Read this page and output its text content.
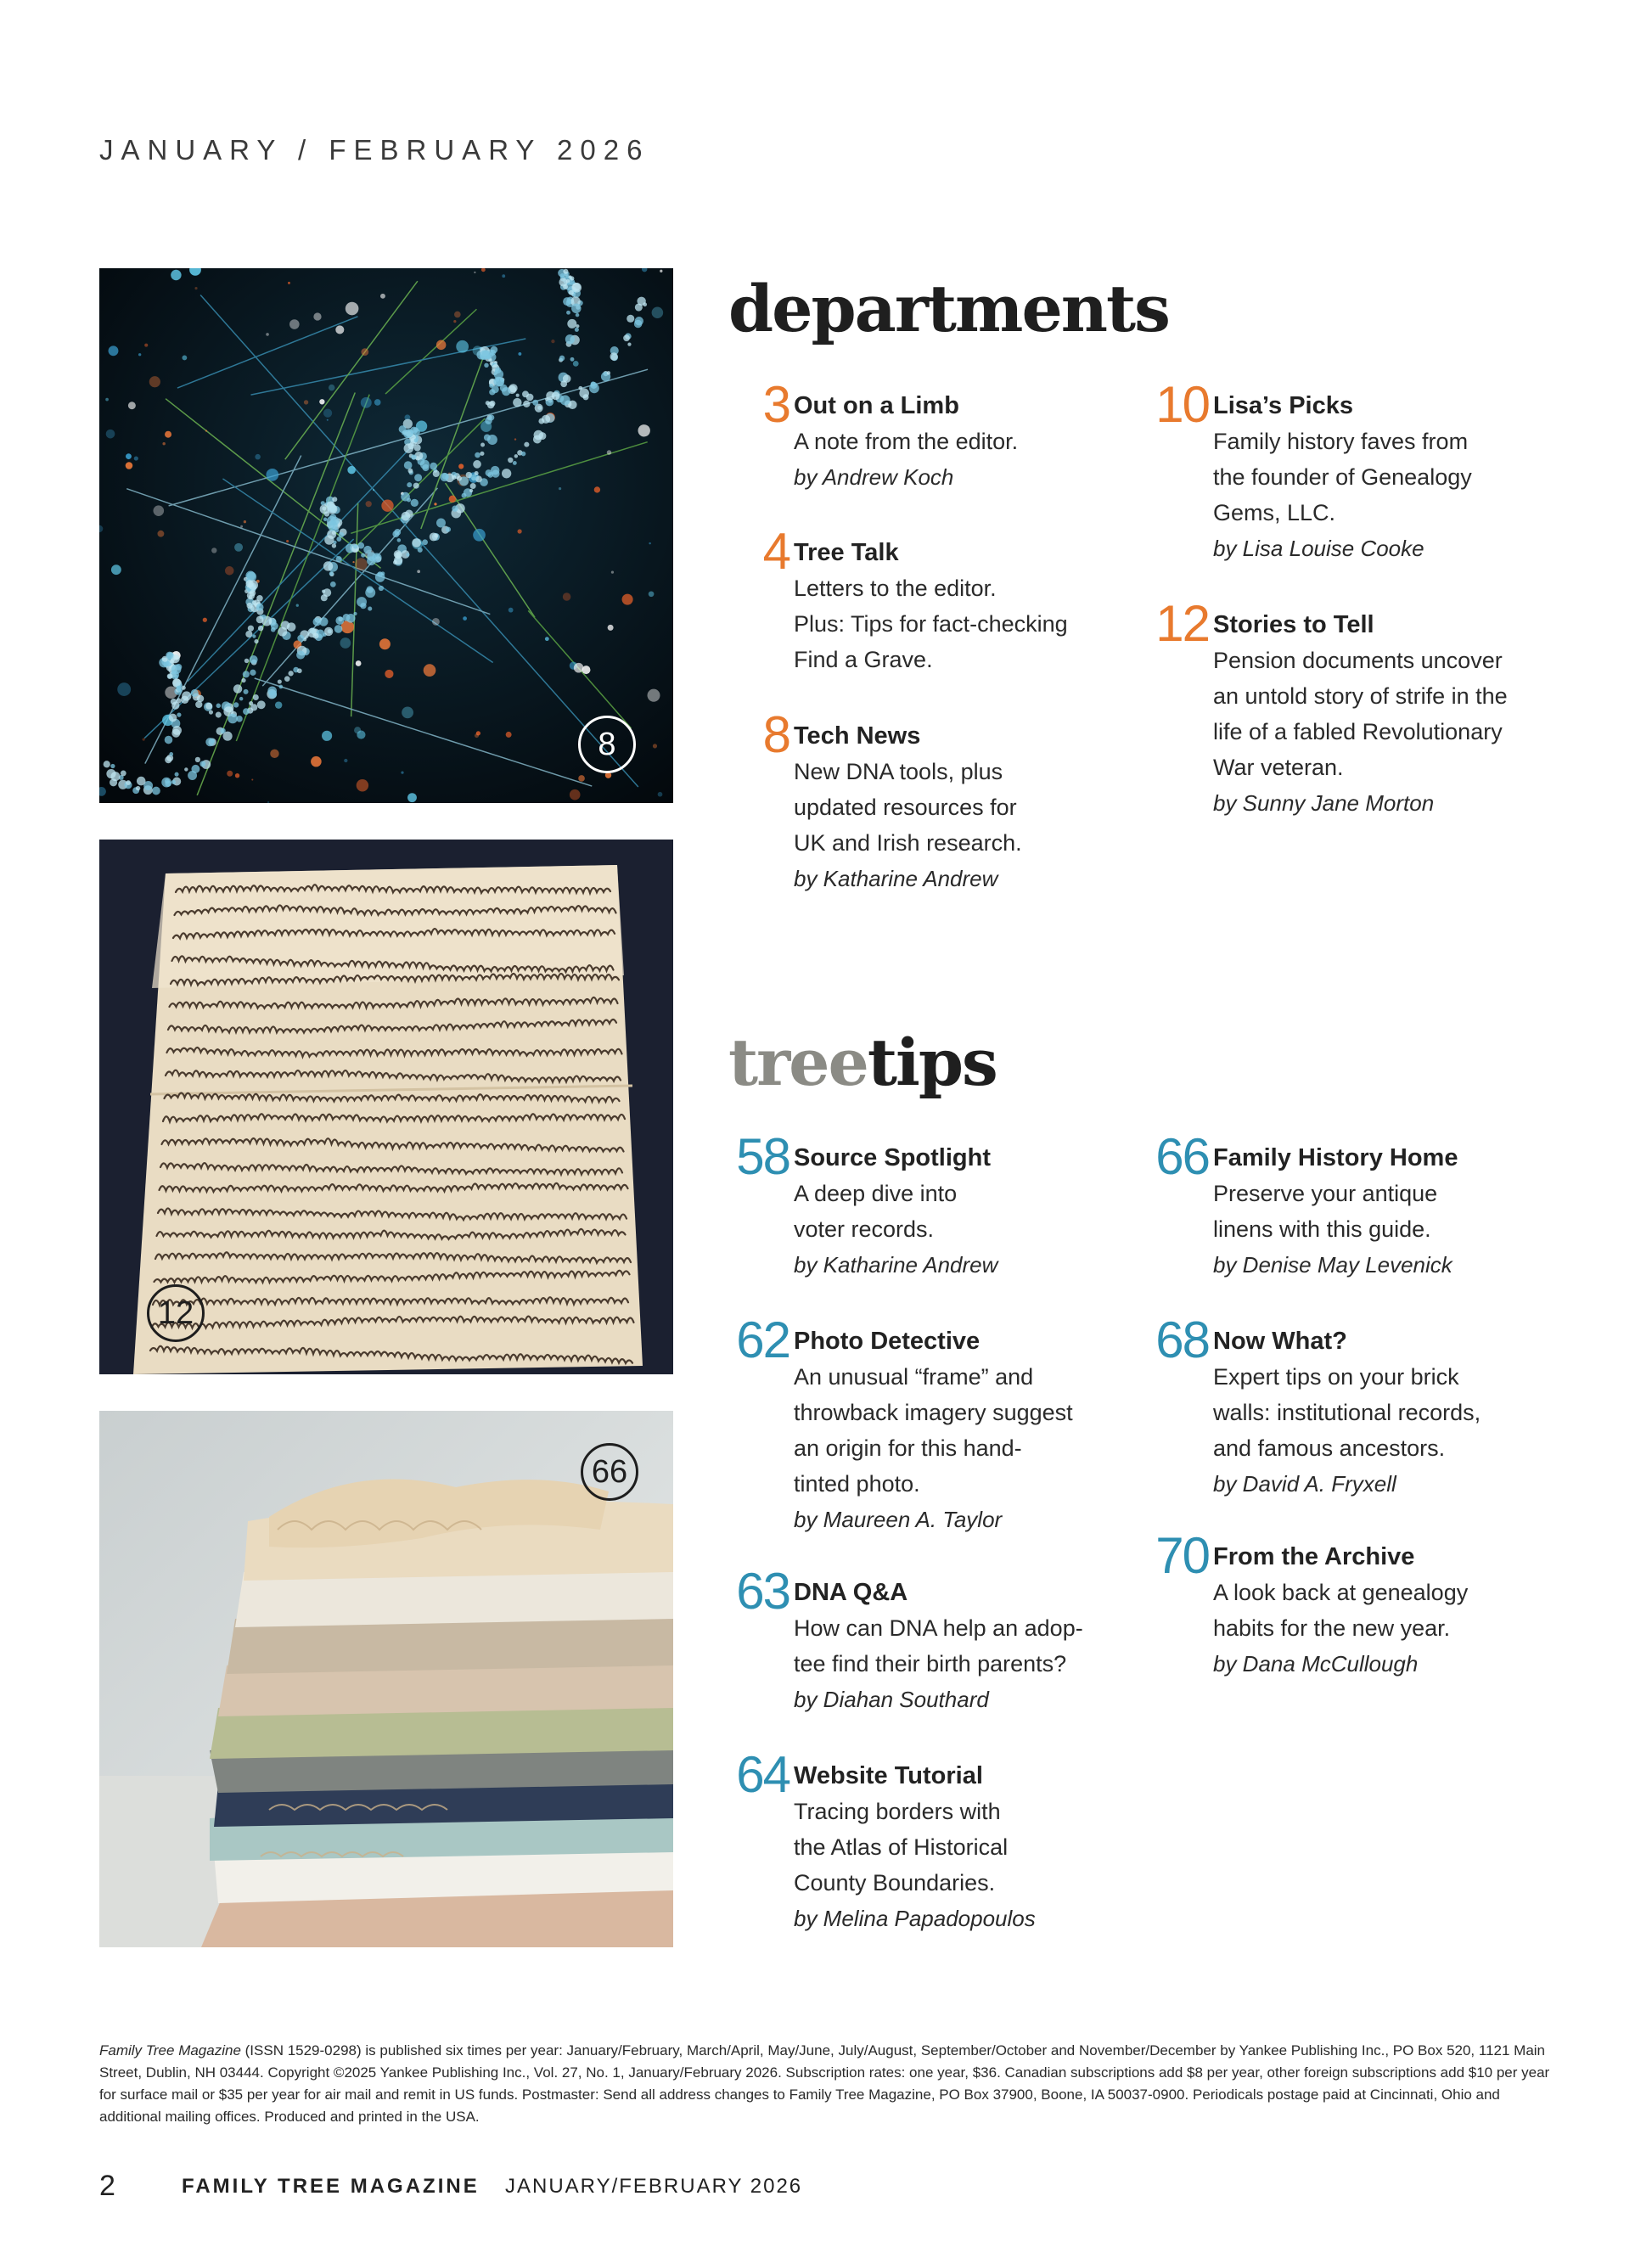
JANUARY / FEBRUARY 2026
8
12
66
departments
3 Out on a Limb
A note from the editor.
by Andrew Koch
4 Tree Talk
Letters to the editor.
Plus: Tips for fact-checking
Find a Grave.
8 Tech News
New DNA tools, plus
updated resources for
UK and Irish research.
by Katharine Andrew
10 Lisa’s Picks
Family history faves from
the founder of Genealogy
Gems, LLC.
by Lisa Louise Cooke
12 Stories to Tell
Pension documents uncover
an untold story of strife in the
life of a fabled Revolutionary
War veteran.
by Sunny Jane Morton
treetips
58 Source Spotlight
A deep dive into
voter records.
by Katharine Andrew
62 Photo Detective
An unusual “frame” and
throwback imagery suggest
an origin for this hand-
tinted photo.
by Maureen A. Taylor
63 DNA Q&A
How can DNA help an adop-
tee find their birth parents?
by Diahan Southard
64 Website Tutorial
Tracing borders with
the Atlas of Historical
County Boundaries.
by Melina Papadopoulos
66 Family History Home
Preserve your antique
linens with this guide.
by Denise May Levenick
68 Now What?
Expert tips on your brick
walls: institutional records,
and famous ancestors.
by David A. Fryxell
70 From the Archive
A look back at genealogy
habits for the new year.
by Dana McCullough
Family Tree Magazine (ISSN 1529-0298) is published six times per year: January/February, March/April, May/June, July/August, September/October and November/December by Yankee Publishing Inc., PO Box 520, 1121 Main Street, Dublin, NH 03444. Copyright ©2025 Yankee Publishing Inc., Vol. 27, No. 1, January/February 2026. Subscription rates: one year, $36. Canadian subscriptions add $8 per year, other foreign subscriptions add $10 per year for surface mail or $35 per year for air mail and remit in US funds. Postmaster: Send all address changes to Family Tree Magazine, PO Box 37900, Boone, IA 50037-0900. Periodicals postage paid at Cincinnati, Ohio and additional mailing offices. Produced and printed in the USA.
2	FAMILY TREE MAGAZINE JANUARY/FEBRUARY 2026
